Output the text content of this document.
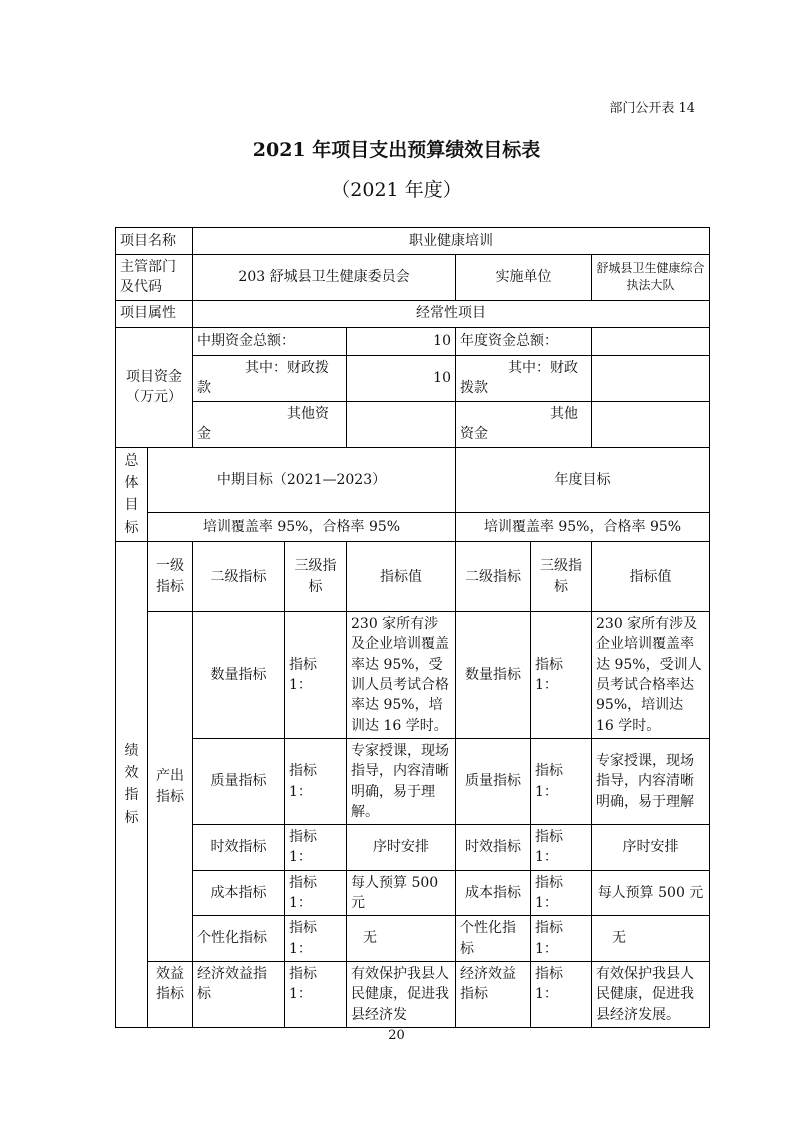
部门公开表 14
2021 年项目支出预算绩效目标表
（2021 年度）
项目名称		职业健康培训					
主管部门及代码		203 舒城县卫生健康委员会			实施单位		舒城县卫生健康综合执法大队
项目属性		经常性项目					
项目资金（万元）		中期资金总额：		10	年度资金总额：		
		其中：财政拨款		10	其中：财政拨款		
		其他资金			其他资金		
总体目标	中期目标（2021—2023）				年度目标		
	培训覆盖率 95%，合格率 95%				培训覆盖率 95%，合格率 95%		
绩效指标	一级指标	二级指标	三级指标	指标值	二级指标	三级指标	指标值
	产出指标	数量指标	指标 1：	230 家所有涉及企业培训覆盖率达 95%，受训人员考试合格率达 95%，培训达 16 学时。	数量指标	指标 1：	230 家所有涉及企业培训覆盖率达 95%，受训人员考试合格率达 95%，培训达 16 学时。
		质量指标	指标 1：	专家授课，现场指导，内容清晰明确，易于理解。	质量指标	指标 1：	专家授课，现场指导，内容清晰明确，易于理解
		时效指标	指标 1：	序时安排	时效指标	指标 1：	序时安排
		成本指标	指标 1：	每人预算 500 元	成本指标	指标 1：	每人预算 500 元
		个性化指标	指标 1：	无	个性化指标	指标 1：	无
	效益指标	经济效益指标	指标 1：	有效保护我县人民健康，促进我县经济发	经济效益指标	指标 1：	有效保护我县人民健康，促进我县经济发展。
20
